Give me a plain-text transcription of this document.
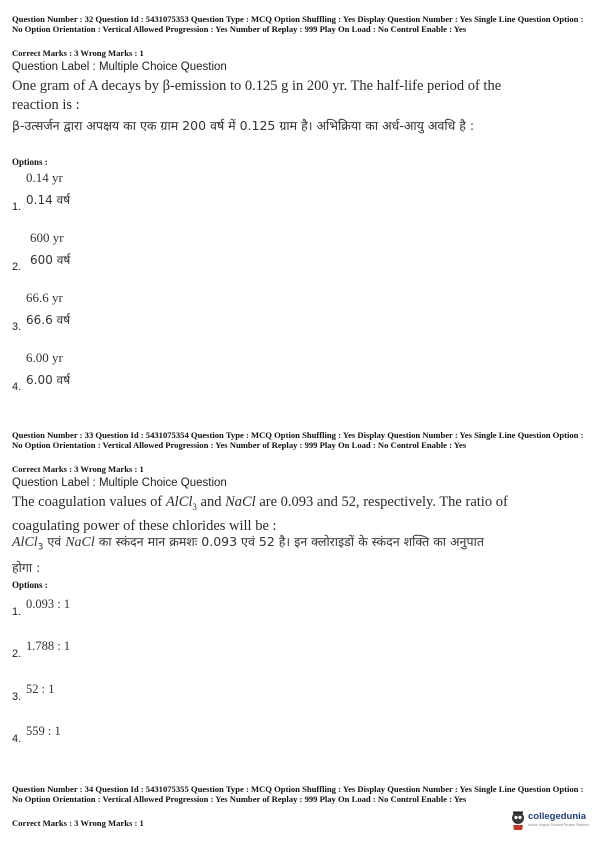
Question Number : 32 Question Id : 5431075353 Question Type : MCQ Option Shuffling : Yes Display Question Number : Yes Single Line Question Option : No Option Orientation : Vertical Allowed Progression : Yes Number of Replay : 999 Play On Load : No Control Enable : Yes
Correct Marks : 3 Wrong Marks : 1
Question Label : Multiple Choice Question
One gram of A decays by β-emission to 0.125 g in 200 yr. The half-life period of the reaction is :
β-उत्सर्जन द्वारा अपक्षय का एक ग्राम 200 वर्ष में 0.125 ग्राम है। अभिक्रिया का अर्ध-आयु अवधि है :
Options :
0.14 yr
0.14 वर्ष
1.
600 yr
600 वर्ष
2.
66.6 yr
66.6 वर्ष
3.
6.00 yr
6.00 वर्ष
4.
Question Number : 33 Question Id : 5431075354 Question Type : MCQ Option Shuffling : Yes Display Question Number : Yes Single Line Question Option : No Option Orientation : Vertical Allowed Progression : Yes Number of Replay : 999 Play On Load : No Control Enable : Yes
Correct Marks : 3 Wrong Marks : 1
Question Label : Multiple Choice Question
The coagulation values of AlCl$_3$ and NaCl are 0.093 and 52, respectively. The ratio of coagulating power of these chlorides will be :
AlCl$_3$ एवं NaCl का स्कंदन मान क्रमशः 0.093 एवं 52 है। इन क्लोराइडों के स्कंदन शक्ति का अनुपात होगा :
Options :
0.093 : 1
1.
1.788 : 1
2.
52 : 1
3.
559 : 1
4.
Question Number : 34 Question Id : 5431075355 Question Type : MCQ Option Shuffling : Yes Display Question Number : Yes Single Line Question Option : No Option Orientation : Vertical Allowed Progression : Yes Number of Replay : 999 Play On Load : No Control Enable : Yes
Correct Marks : 3 Wrong Marks : 1
collegedunia
India's largest Student Review Platform
